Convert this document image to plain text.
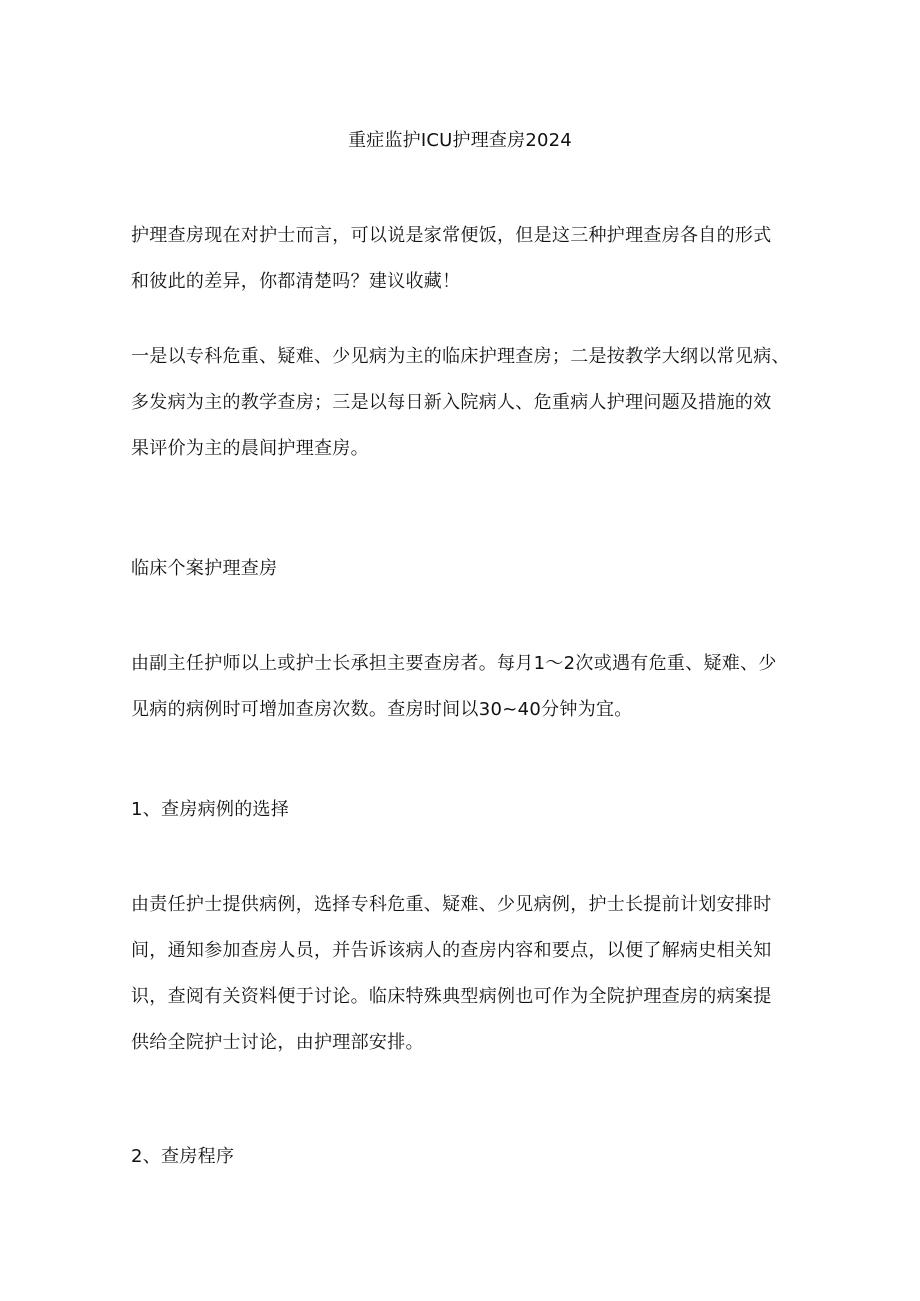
重症监护ICU护理查房2024

护理查房现在对护士而言，可以说是家常便饭，但是这三种护理查房各自的形式
和彼此的差异，你都清楚吗？建议收藏！

一是以专科危重、疑难、少见病为主的临床护理查房；二是按教学大纲以常见病、
多发病为主的教学查房；三是以每日新入院病人、危重病人护理问题及措施的效
果评价为主的晨间护理查房。

临床个案护理查房

由副主任护师以上或护士长承担主要查房者。每月1〜2次或遇有危重、疑难、少
见病的病例时可增加查房次数。查房时间以30~40分钟为宜。

1、查房病例的选择

由责任护士提供病例，选择专科危重、疑难、少见病例，护士长提前计划安排时
间，通知参加查房人员，并告诉该病人的查房内容和要点，以便了解病史相关知
识，查阅有关资料便于讨论。临床特殊典型病例也可作为全院护理查房的病案提
供给全院护士讨论，由护理部安排。

2、查房程序
